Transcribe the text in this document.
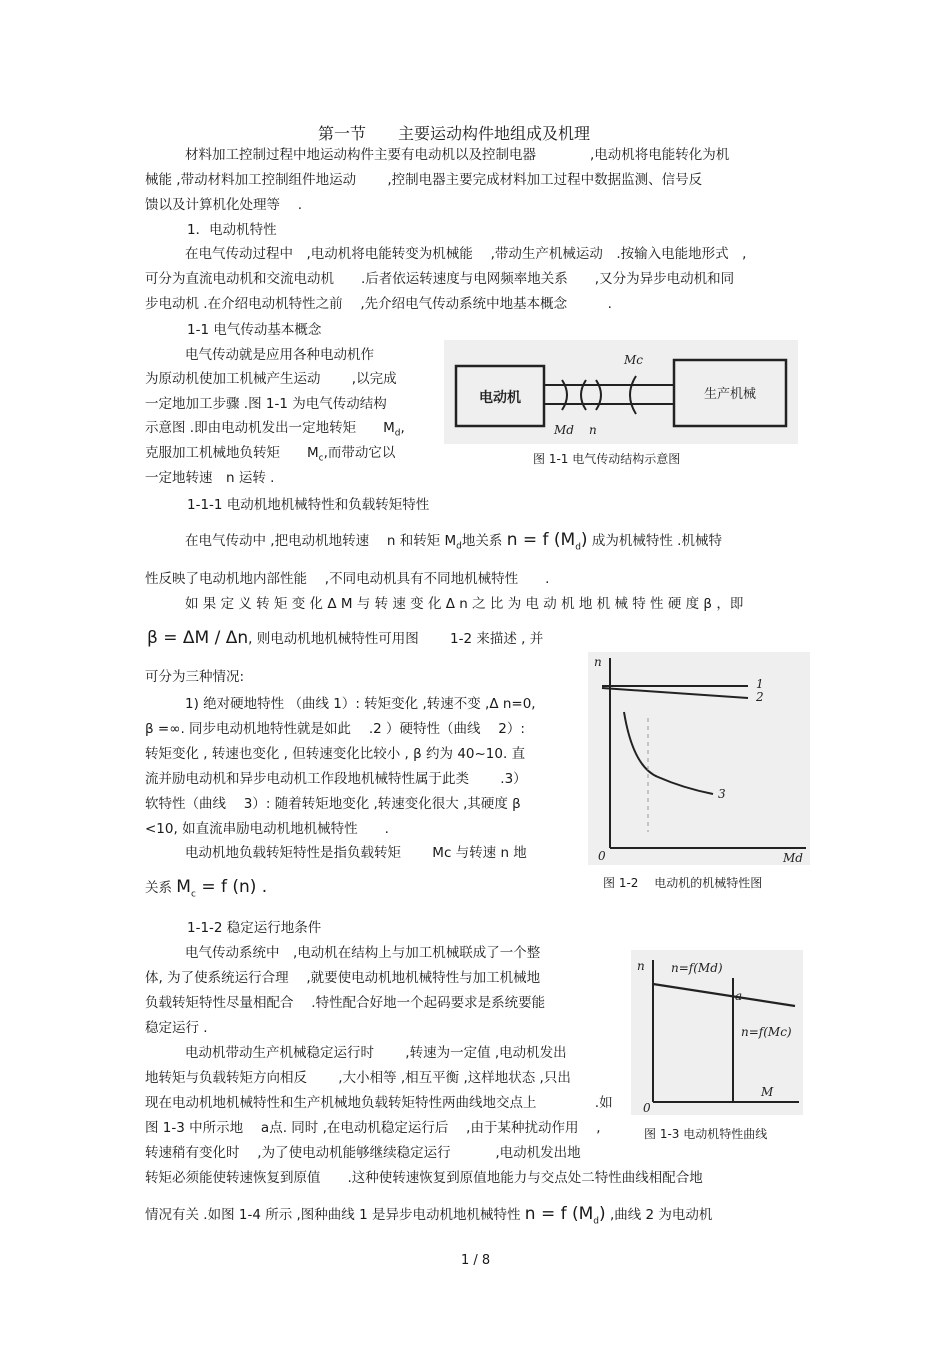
第一节　　主要运动构件地组成及机理
材料加工控制过程中地运动构件主要有电动机以及控制电器　　　　,电动机将电能转化为机
械能 ,带动材料加工控制组件地运动　　 ,控制电器主要完成材料加工过程中数据监测、信号反
馈以及计算机化处理等　 .
1．电动机特性
在电气传动过程中　,电动机将电能转变为机械能　 ,带动生产机械运动　.按输入电能地形式　,
可分为直流电动机和交流电动机　　.后者依运转速度与电网频率地关系　　,又分为异步电动机和同
步电动机 .在介绍电动机特性之前　 ,先介绍电气传动系统中地基本概念　　　.
1-1 电气传动基本概念
电气传动就是应用各种电动机作
为原动机使加工机械产生运动　　 ,以完成
一定地加工步骤 .图 1-1 为电气传动结构
示意图 .即由电动机发出一定地转矩　　$M_d$,
克服加工机械地负转矩　　$M_c$,而带动它以
一定地转速　n 运转 .
电动机	生产机械
Mc
Md n
图 1-1 电气传动结构示意图
1-1-1 电动机地机械特性和负载转矩特性
在电气传动中 ,把电动机地转速　 n 和转矩 $M_d$地关系 n = f $(M_d)$ 成为机械特性 .机械特
性反映了电动机地内部性能　 ,不同电动机具有不同地机械特性　　.
如 果 定 义 转 矩 变 化 Δ M 与 转 速 变 化 Δ n 之 比 为 电 动 机 地 机 械 特 性 硬 度 β ，即
β = ΔM / Δn, 则电动机地机械特性可用图　　 1-2 来描述 , 并
可分为三种情况:
1) 绝对硬地特性 （曲线 1）: 转矩变化 ,转速不变 ,Δ n=0,
β =∞. 同步电动机地特性就是如此　 .2 ）硬特性（曲线　 2）:
转矩变化 , 转速也变化 , 但转速变化比较小 , β 约为 40~10. 直
流并励电动机和异步电动机工作段地机械特性属于此类　　 .3）
软特性（曲线　 3）: 随着转矩地变化 ,转速变化很大 ,其硬度 β
<10, 如直流串励电动机地机械特性　　.
电动机地负载转矩特性是指负载转矩　　 Mc 与转速 n 地
关系 $M_c = f$ (n) .
n
0	Md
1
2
3
图 1-2　 电动机的机械特性图
1-1-2 稳定运行地条件
电气传动系统中　,电动机在结构上与加工机械联成了一个整
体, 为了使系统运行合理　 ,就要使电动机地机械特性与加工机械地
负载转矩特性尽量相配合　 .特性配合好地一个起码要求是系统要能
稳定运行 .
电动机带动生产机械稳定运行时　　 ,转速为一定值 ,电动机发出
地转矩与负载转矩方向相反　　 ,大小相等 ,相互平衡 ,这样地状态 ,只出
现在电动机地机械特性和生产机械地负载转矩特性两曲线地交点上　　　　 .如
图 1-3 中所示地　 a点. 同时 ,在电动机稳定运行后　 ,由于某种扰动作用　 ,
转速稍有变化时　 ,为了使电动机能够继续稳定运行　　　 ,电动机发出地
转矩必须能使转速恢复到原值　　.这种使转速恢复到原值地能力与交点处二特性曲线相配合地
n
0
M
a
n=f(Md)
n=f(Mc)
图 1-3 电动机特性曲线
情况有关 .如图 1-4 所示 ,图种曲线 1 是异步电动机地机械特性 n = f $(M_d)$ ,曲线 2 为电动机
1 / 8
